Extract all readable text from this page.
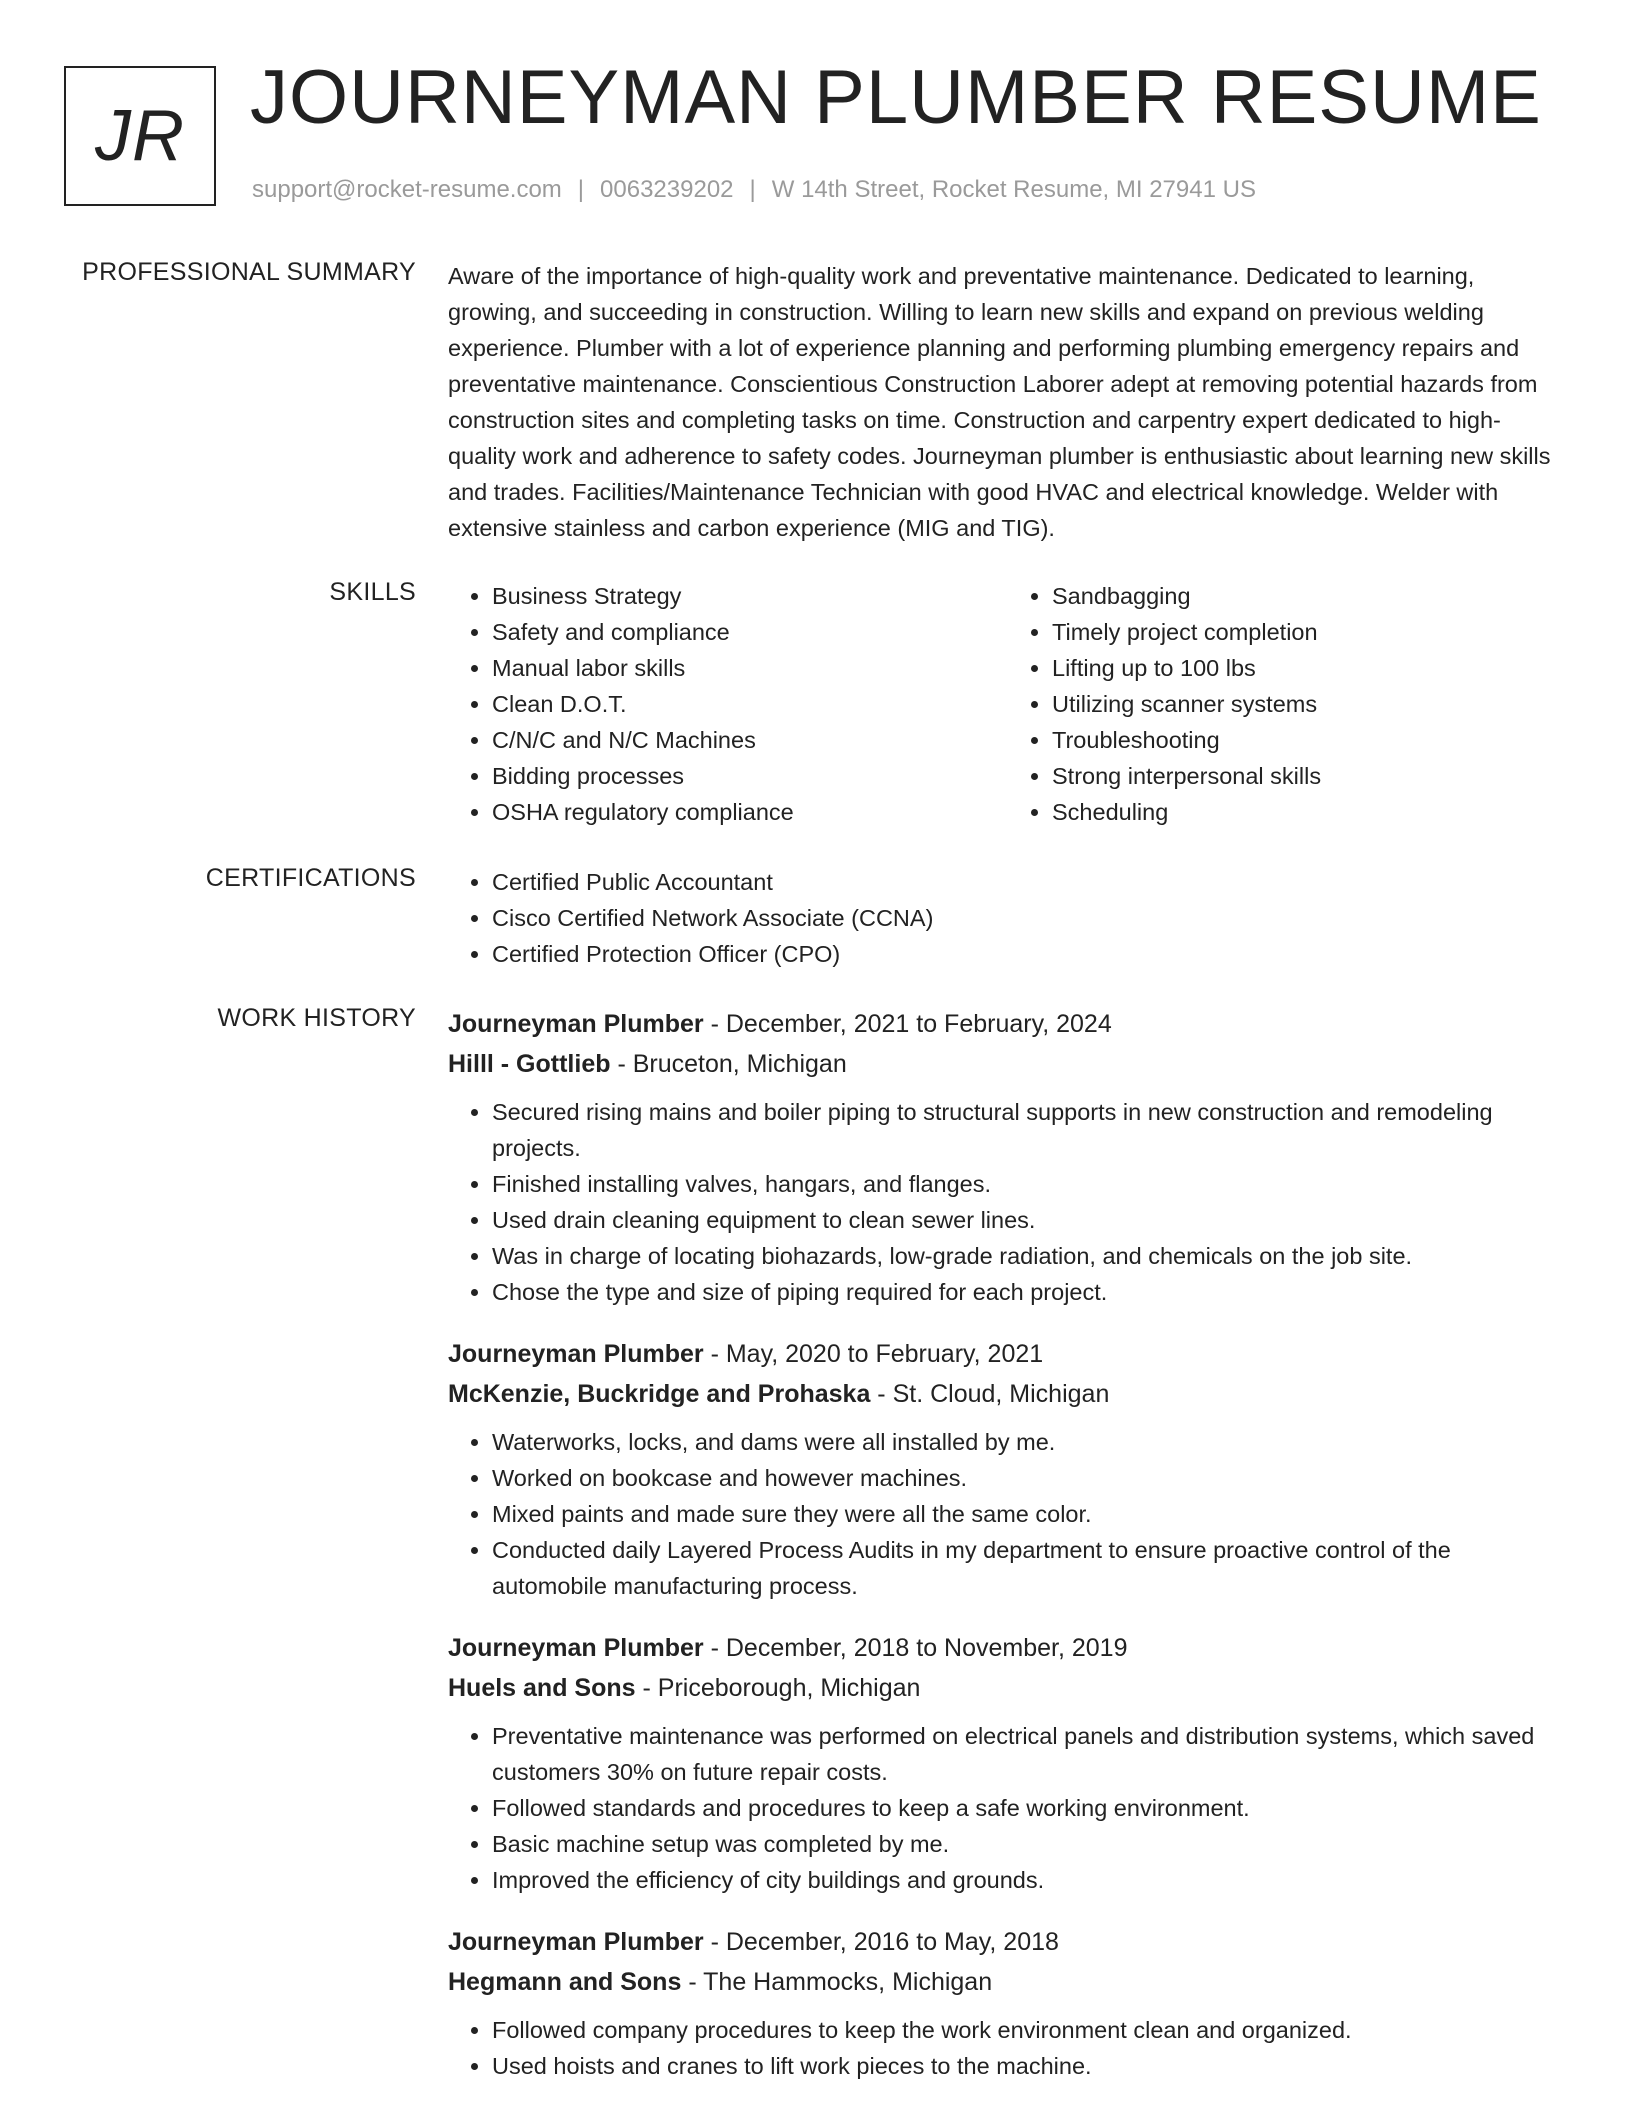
JR JOURNEYMAN PLUMBER RESUME
support@rocket-resume.com | 0063239202 | W 14th Street, Rocket Resume, MI 27941 US
PROFESSIONAL SUMMARY Aware of the importance of high-quality work and preventative maintenance. Dedicated to learning, growing, and succeeding in construction. Willing to learn new skills and expand on previous welding experience. Plumber with a lot of experience planning and performing plumbing emergency repairs and preventative maintenance. Conscientious Construction Laborer adept at removing potential hazards from construction sites and completing tasks on time. Construction and carpentry expert dedicated to high-quality work and adherence to safety codes. Journeyman plumber is enthusiastic about learning new skills and trades. Facilities/Maintenance Technician with good HVAC and electrical knowledge. Welder with extensive stainless and carbon experience (MIG and TIG).

SKILLS	• Business Strategy
• Safety and compliance
• Manual labor skills
• Clean D.O.T.
• C/N/C and N/C Machines
• Bidding processes
• OSHA regulatory compliance
• Sandbagging
• Timely project completion
• Lifting up to 100 lbs
• Utilizing scanner systems
• Troubleshooting
• Strong interpersonal skills
• Scheduling
CERTIFICATIONS	• Certified Public Accountant
• Cisco Certified Network Associate (CCNA)
• Certified Protection Officer (CPO)
WORK HISTORY Journeyman Plumber - December, 2021 to February, 2024
Hilll - Gottlieb - Bruceton, Michigan
• Secured rising mains and boiler piping to structural supports in new construction and remodeling projects.
• Finished installing valves, hangars, and flanges.
• Used drain cleaning equipment to clean sewer lines.
• Was in charge of locating biohazards, low-grade radiation, and chemicals on the job site.
• Chose the type and size of piping required for each project.
Journeyman Plumber - May, 2020 to February, 2021
McKenzie, Buckridge and Prohaska - St. Cloud, Michigan
• Waterworks, locks, and dams were all installed by me.
• Worked on bookcase and however machines.
• Mixed paints and made sure they were all the same color.
• Conducted daily Layered Process Audits in my department to ensure proactive control of the automobile manufacturing process.
Journeyman Plumber - December, 2018 to November, 2019
Huels and Sons - Priceborough, Michigan
• Preventative maintenance was performed on electrical panels and distribution systems, which saved customers 30% on future repair costs.
• Followed standards and procedures to keep a safe working environment.
• Basic machine setup was completed by me.
• Improved the efficiency of city buildings and grounds.
Journeyman Plumber - December, 2016 to May, 2018
Hegmann and Sons - The Hammocks, Michigan
• Followed company procedures to keep the work environment clean and organized.
• Used hoists and cranes to lift work pieces to the machine.
